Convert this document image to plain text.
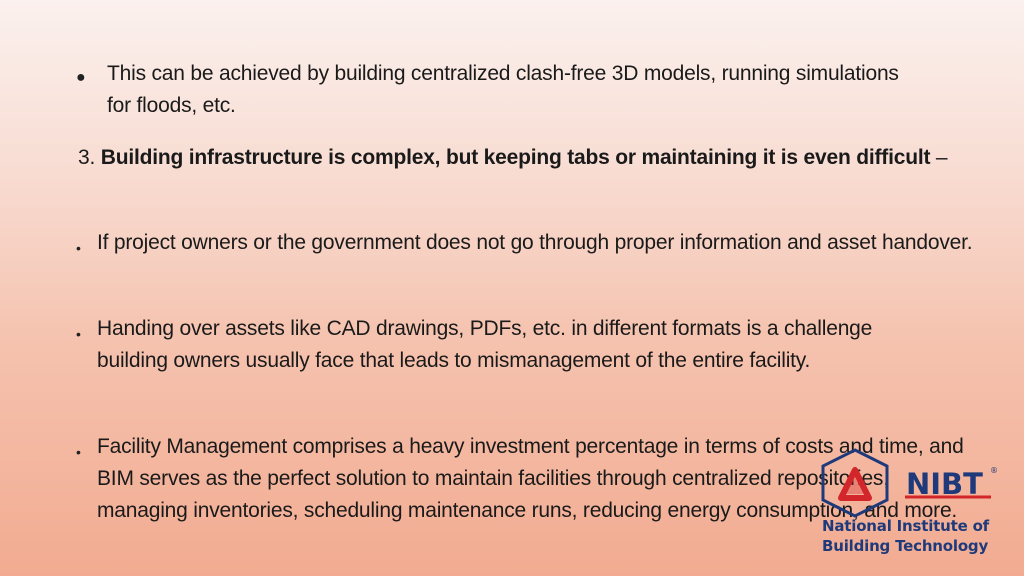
● This can be achieved by building centralized clash-free 3D models, running simulations for floods, etc.

3. Building infrastructure is complex, but keeping tabs or maintaining it is even difficult –

• If project owners or the government does not go through proper information and asset handover.

• Handing over assets like CAD drawings, PDFs, etc. in different formats is a challenge building owners usually face that leads to mismanagement of the entire facility.

• Facility Management comprises a heavy investment percentage in terms of costs and time, and BIM serves as the perfect solution to maintain facilities through centralized repositories, managing inventories, scheduling maintenance runs, reducing energy consumption, and more.

NIBT ®
National Institute of
Building Technology
